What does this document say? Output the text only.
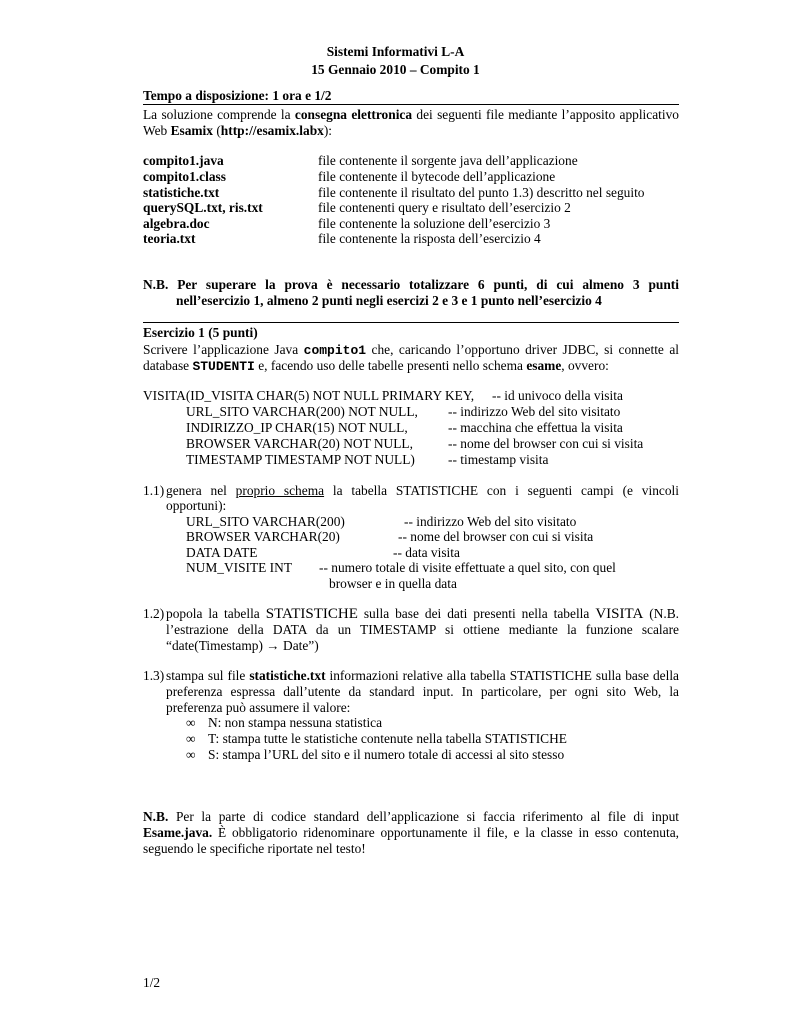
Sistemi Informativi L-A
15 Gennaio 2010 – Compito 1
Tempo a disposizione: 1 ora e 1/2
La soluzione comprende la consegna elettronica dei seguenti file mediante l’apposito applicativo
Web Esamix (http://esamix.labx):
compito1.java	file contenente il sorgente java dell’applicazione
compito1.class	file contenente il bytecode dell’applicazione
statistiche.txt	file contenente il risultato del punto 1.3) descritto nel seguito
querySQL.txt, ris.txt	file contenenti query e risultato dell’esercizio 2
algebra.doc	file contenente la soluzione dell’esercizio 3
teoria.txt	file contenente la risposta dell’esercizio 4
N.B. Per superare la prova è necessario totalizzare 6 punti, di cui almeno 3 punti
nell’esercizio 1, almeno 2 punti negli esercizi 2 e 3 e 1 punto nell’esercizio 4
Esercizio 1 (5 punti)
Scrivere l’applicazione Java compito1 che, caricando l’opportuno driver JDBC, si connette al
database STUDENTI e, facendo uso delle tabelle presenti nello schema esame, ovvero:
VISITA(ID_VISITA CHAR(5) NOT NULL PRIMARY KEY, -- id univoco della visita
URL_SITO VARCHAR(200) NOT NULL, -- indirizzo Web del sito visitato
INDIRIZZO_IP CHAR(15) NOT NULL,	-- macchina che effettua la visita
BROWSER VARCHAR(20) NOT NULL,	-- nome del browser con cui si visita
TIMESTAMP TIMESTAMP NOT NULL) -- timestamp visita
1.1) genera nel proprio schema la tabella STATISTICHE con i seguenti campi (e vincoli
opportuni):
URL_SITO VARCHAR(200)	-- indirizzo Web del sito visitato
BROWSER VARCHAR(20)	-- nome del browser con cui si visita
DATA DATE	-- data visita
NUM_VISITE INT -- numero totale di visite effettuate a quel sito, con quel
browser e in quella data
1.2) popola la tabella STATISTICHE sulla base dei dati presenti nella tabella VISITA (N.B.
l’estrazione della DATA da un TIMESTAMP si ottiene mediante la funzione scalare
“date(Timestamp) → Date”)
1.3) stampa sul file statistiche.txt informazioni relative alla tabella STATISTICHE sulla base della
preferenza espressa dall’utente da standard input. In particolare, per ogni sito Web, la
preferenza può assumere il valore:
∞ N: non stampa nessuna statistica
∞ T: stampa tutte le statistiche contenute nella tabella STATISTICHE
∞ S: stampa l’URL del sito e il numero totale di accessi al sito stesso
N.B. Per la parte di codice standard dell’applicazione si faccia riferimento al file di input
Esame.java. È obbligatorio ridenominare opportunamente il file, e la classe in esso contenuta,
seguendo le specifiche riportate nel testo!
1/2
